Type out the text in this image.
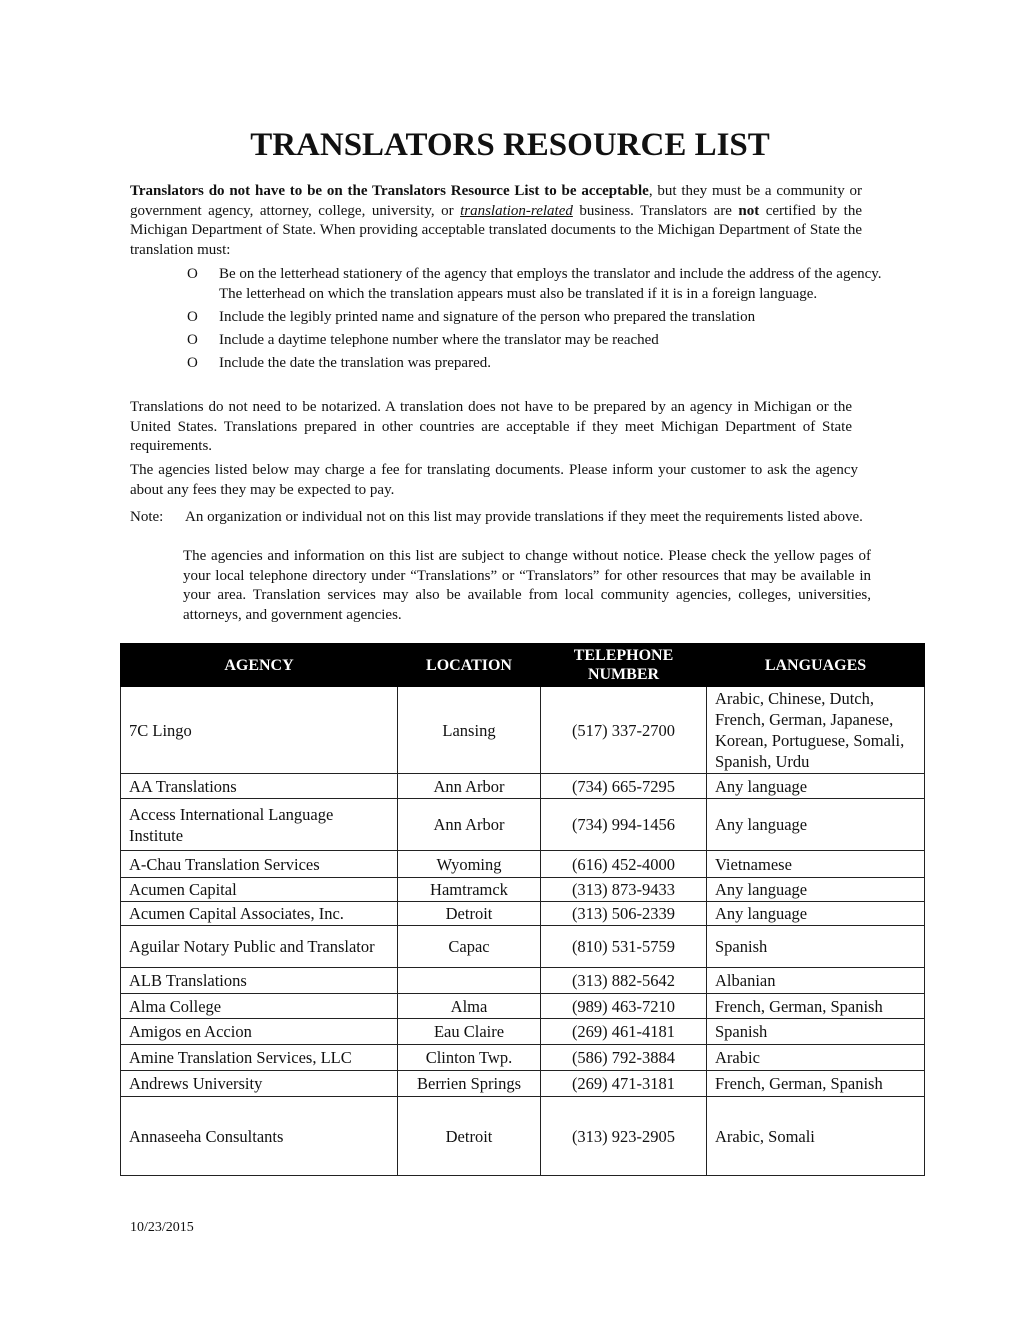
TRANSLATORS RESOURCE LIST

Translators do not have to be on the Translators Resource List to be acceptable, but they must be a community or government agency, attorney, college, university, or translation-related business. Translators are not certified by the Michigan Department of State. When providing acceptable translated documents to the Michigan Department of State the translation must:

O Be on the letterhead stationery of the agency that employs the translator and include the address of the agency. The letterhead on which the translation appears must also be translated if it is in a foreign language.
O Include the legibly printed name and signature of the person who prepared the translation
O Include a daytime telephone number where the translator may be reached
O Include the date the translation was prepared.

Translations do not need to be notarized. A translation does not have to be prepared by an agency in Michigan or the United States. Translations prepared in other countries are acceptable if they meet Michigan Department of State requirements.

The agencies listed below may charge a fee for translating documents. Please inform your customer to ask the agency about any fees they may be expected to pay.

Note: An organization or individual not on this list may provide translations if they meet the requirements listed above.

The agencies and information on this list are subject to change without notice. Please check the yellow pages of your local telephone directory under “Translations” or “Translators” for other resources that may be available in your area. Translation services may also be available from local community agencies, colleges, universities, attorneys, and government agencies.

AGENCY	LOCATION	TELEPHONE NUMBER	LANGUAGES
7C Lingo	Lansing	(517) 337-2700	Arabic, Chinese, Dutch, French, German, Japanese, Korean, Portuguese, Somali, Spanish, Urdu
AA Translations	Ann Arbor	(734) 665-7295	Any language
Access International Language Institute	Ann Arbor	(734) 994-1456	Any language
A-Chau Translation Services	Wyoming	(616) 452-4000	Vietnamese
Acumen Capital	Hamtramck	(313) 873-9433	Any language
Acumen Capital Associates, Inc.	Detroit	(313) 506-2339	Any language
Aguilar Notary Public and Translator	Capac	(810) 531-5759	Spanish
ALB Translations		(313) 882-5642	Albanian
Alma College	Alma	(989) 463-7210	French, German, Spanish
Amigos en Accion	Eau Claire	(269) 461-4181	Spanish
Amine Translation Services, LLC	Clinton Twp.	(586) 792-3884	Arabic
Andrews University	Berrien Springs	(269) 471-3181	French, German, Spanish
Annaseeha Consultants	Detroit	(313) 923-2905	Arabic, Somali

10/23/2015
